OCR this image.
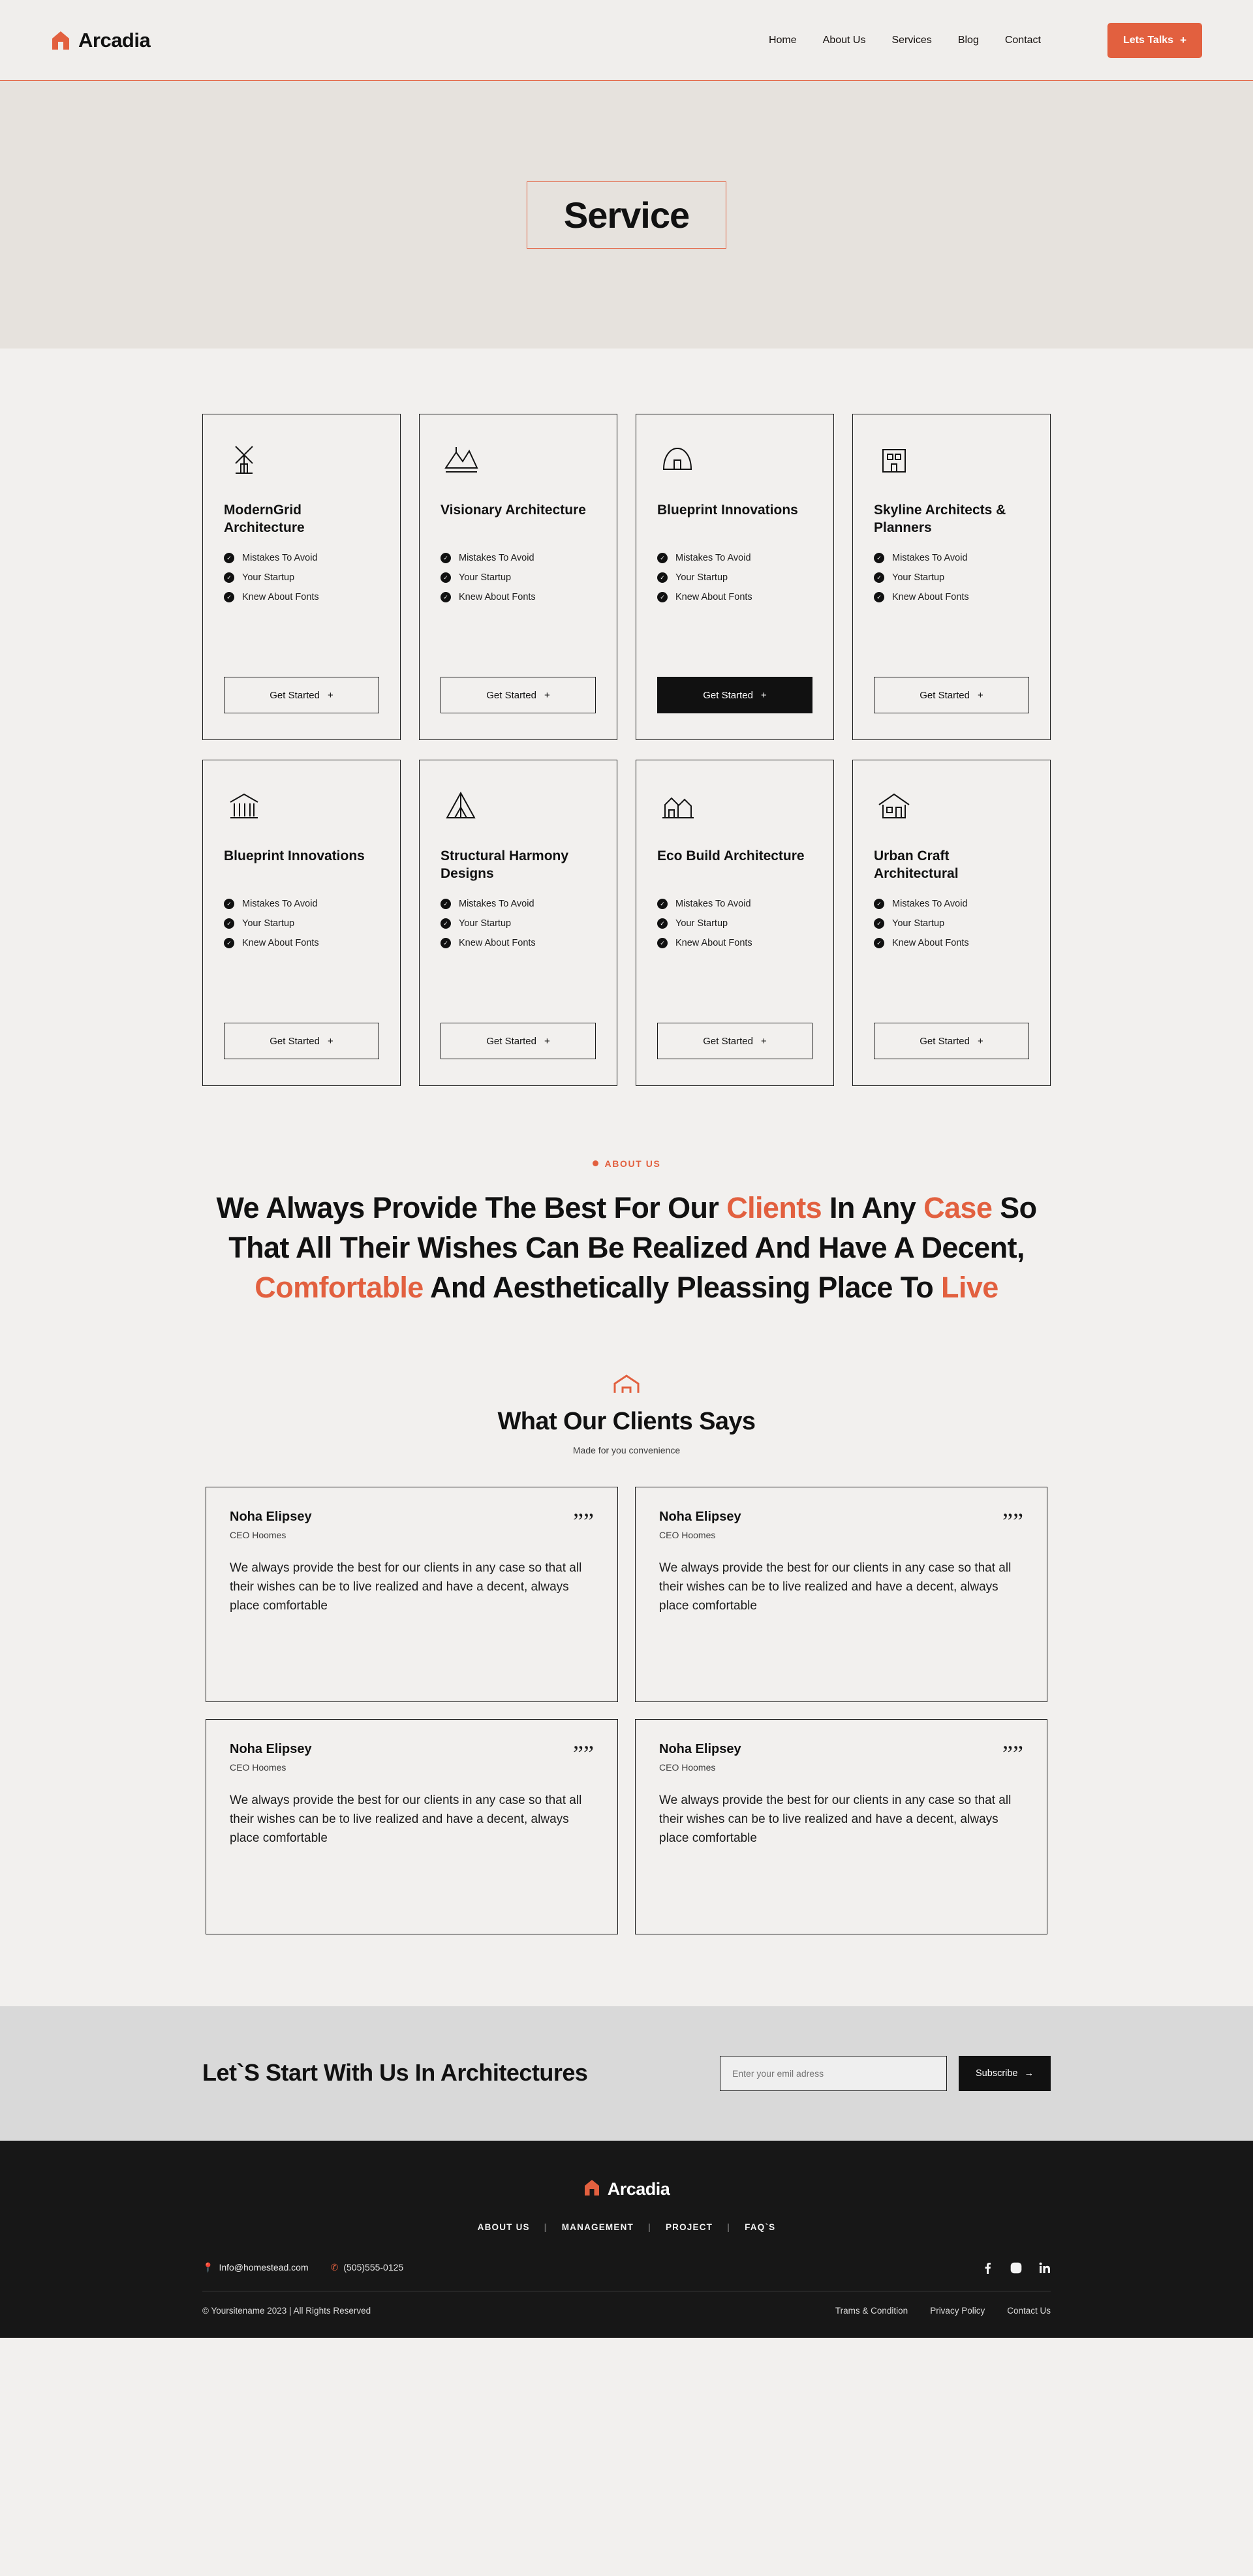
Arcadia	Home	About Us	Services	Blog	Contact	Lets Talks +
Service
ModernGrid Architecture
✓ Mistakes To Avoid
✓ Your Startup
✓ Knew About Fonts
Get Started +
Visionary Architecture
✓ Mistakes To Avoid
✓ Your Startup
✓ Knew About Fonts
Get Started +
Blueprint Innovations
✓ Mistakes To Avoid
✓ Your Startup
✓ Knew About Fonts
Get Started +
Skyline Architects & Planners
✓ Mistakes To Avoid
✓ Your Startup
✓ Knew About Fonts
Get Started +
Blueprint Innovations
✓ Mistakes To Avoid
✓ Your Startup
✓ Knew About Fonts
Get Started +
Structural Harmony Designs
✓ Mistakes To Avoid
✓ Your Startup
✓ Knew About Fonts
Get Started +
Eco Build Architecture
✓ Mistakes To Avoid
✓ Your Startup
✓ Knew About Fonts
Get Started +
Urban Craft Architectural
✓ Mistakes To Avoid
✓ Your Startup
✓ Knew About Fonts
Get Started +
ABOUT US
We Always Provide The Best For Our Clients In Any Case So That All Their Wishes Can Be Realized And Have A Decent, Comfortable And Aesthetically Pleassing Place To Live
What Our Clients Says
Made for you convenience
Noha Elipsey
CEO Hoomes
””
We always provide the best for our clients in any case so that all their wishes can be to live realized and have a decent, always place comfortable
Noha Elipsey
CEO Hoomes
””
We always provide the best for our clients in any case so that all their wishes can be to live realized and have a decent, always place comfortable
Noha Elipsey
CEO Hoomes
””
We always provide the best for our clients in any case so that all their wishes can be to live realized and have a decent, always place comfortable
Noha Elipsey
CEO Hoomes
””
We always provide the best for our clients in any case so that all their wishes can be to live realized and have a decent, always place comfortable
Let`S Start With Us In Architectures
Enter your emil adress	Subscribe →
Arcadia
ABOUT US	|	MANAGEMENT	|	PROJECT	|	FAQ`S
📍 Info@homestead.com ✆ (505)555-0125
© Yoursitename 2023 | All Rights Reserved	Trams & Condition	Privacy Policy	Contact Us
